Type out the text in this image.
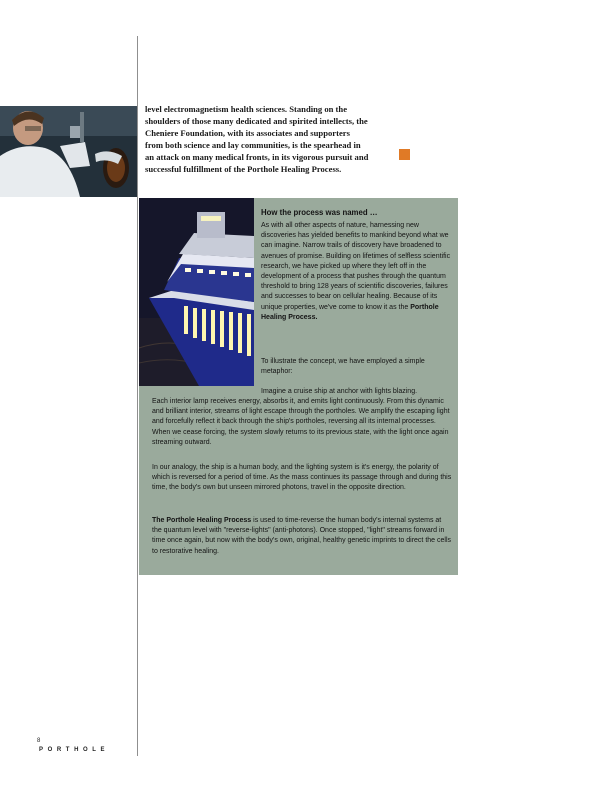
level electromagnetism health sciences. Standing on the shoulders of those many dedicated and spirited intellects, the Cheniere Foundation, with its associates and supporters from both science and lay communities, is the spearhead in an attack on many medical fronts, in its vigorous pursuit and successful fulfillment of the Porthole Healing Process.

How the process was named …

As with all other aspects of nature, harnessing new discoveries has yielded benefits to mankind beyond what we can imagine. Narrow trails of discovery have broadened to avenues of promise. Building on lifetimes of selfless scientific research, we have picked up where they left off in the development of a process that pushes through the quantum threshold to bring 128 years of scientific discoveries, failures and successes to bear on cellular healing. Because of its unique properties, we've come to know it as the Porthole Healing Process.

To illustrate the concept, we have employed a simple metaphor:

Imagine a cruise ship at anchor with lights blazing.

Each interior lamp receives energy, absorbs it, and emits light continuously. From this dynamic and brilliant interior, streams of light escape through the portholes. We amplify the escaping light and forcefully reflect it back through the ship's portholes, reversing all its internal processes. When we cease forcing, the system slowly returns to its previous state, with the light once again streaming outward.

In our analogy, the ship is a human body, and the lighting system is it's energy, the polarity of which is reversed for a period of time. As the mass continues its passage through and during this time, the body's own but unseen mirrored photons, travel in the opposite direction.

The Porthole Healing Process is used to time-reverse the human body's internal systems at the quantum level with "reverse-lights" (anti-photons). Once stopped, "light" streams forward in time once again, but now with the body's own, original, healthy genetic imprints to direct the cells to restorative healing.

8
PORTHOLE
